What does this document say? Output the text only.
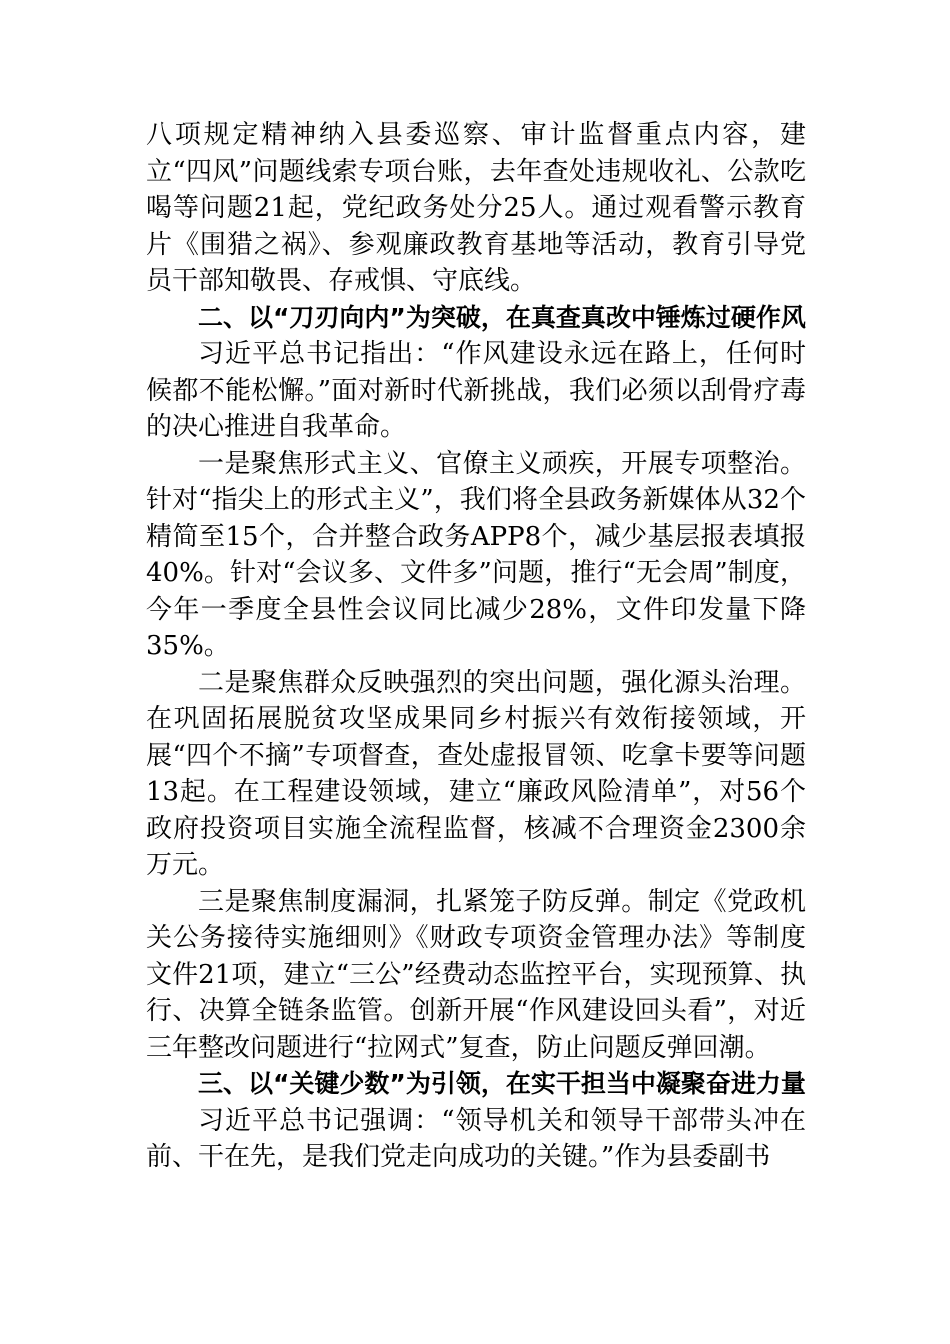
八项规定精神纳入县委巡察、审计监督重点内容，建立“四风”问题线索专项台账，去年查处违规收礼、公款吃喝等问题21起，党纪政务处分25人。通过观看警示教育片《围猎之祸》、参观廉政教育基地等活动，教育引导党员干部知敬畏、存戒惧、守底线。

二、以“刀刃向内”为突破，在真查真改中锤炼过硬作风

习近平总书记指出：“作风建设永远在路上，任何时候都不能松懈。”面对新时代新挑战，我们必须以刮骨疗毒的决心推进自我革命。

一是聚焦形式主义、官僚主义顽疾，开展专项整治。针对“指尖上的形式主义”，我们将全县政务新媒体从32个精简至15个，合并整合政务APP8个，减少基层报表填报40%。针对“会议多、文件多”问题，推行“无会周”制度，今年一季度全县性会议同比减少28%，文件印发量下降35%。

二是聚焦群众反映强烈的突出问题，强化源头治理。在巩固拓展脱贫攻坚成果同乡村振兴有效衔接领域，开展“四个不摘”专项督查，查处虚报冒领、吃拿卡要等问题13起。在工程建设领域，建立“廉政风险清单”，对56个政府投资项目实施全流程监督，核减不合理资金2300余万元。

三是聚焦制度漏洞，扎紧笼子防反弹。制定《党政机关公务接待实施细则》《财政专项资金管理办法》等制度文件21项，建立“三公”经费动态监控平台，实现预算、执行、决算全链条监管。创新开展“作风建设回头看”，对近三年整改问题进行“拉网式”复查，防止问题反弹回潮。

三、以“关键少数”为引领，在实干担当中凝聚奋进力量

习近平总书记强调：“领导机关和领导干部带头冲在前、干在先，是我们党走向成功的关键。”作为县委副书
